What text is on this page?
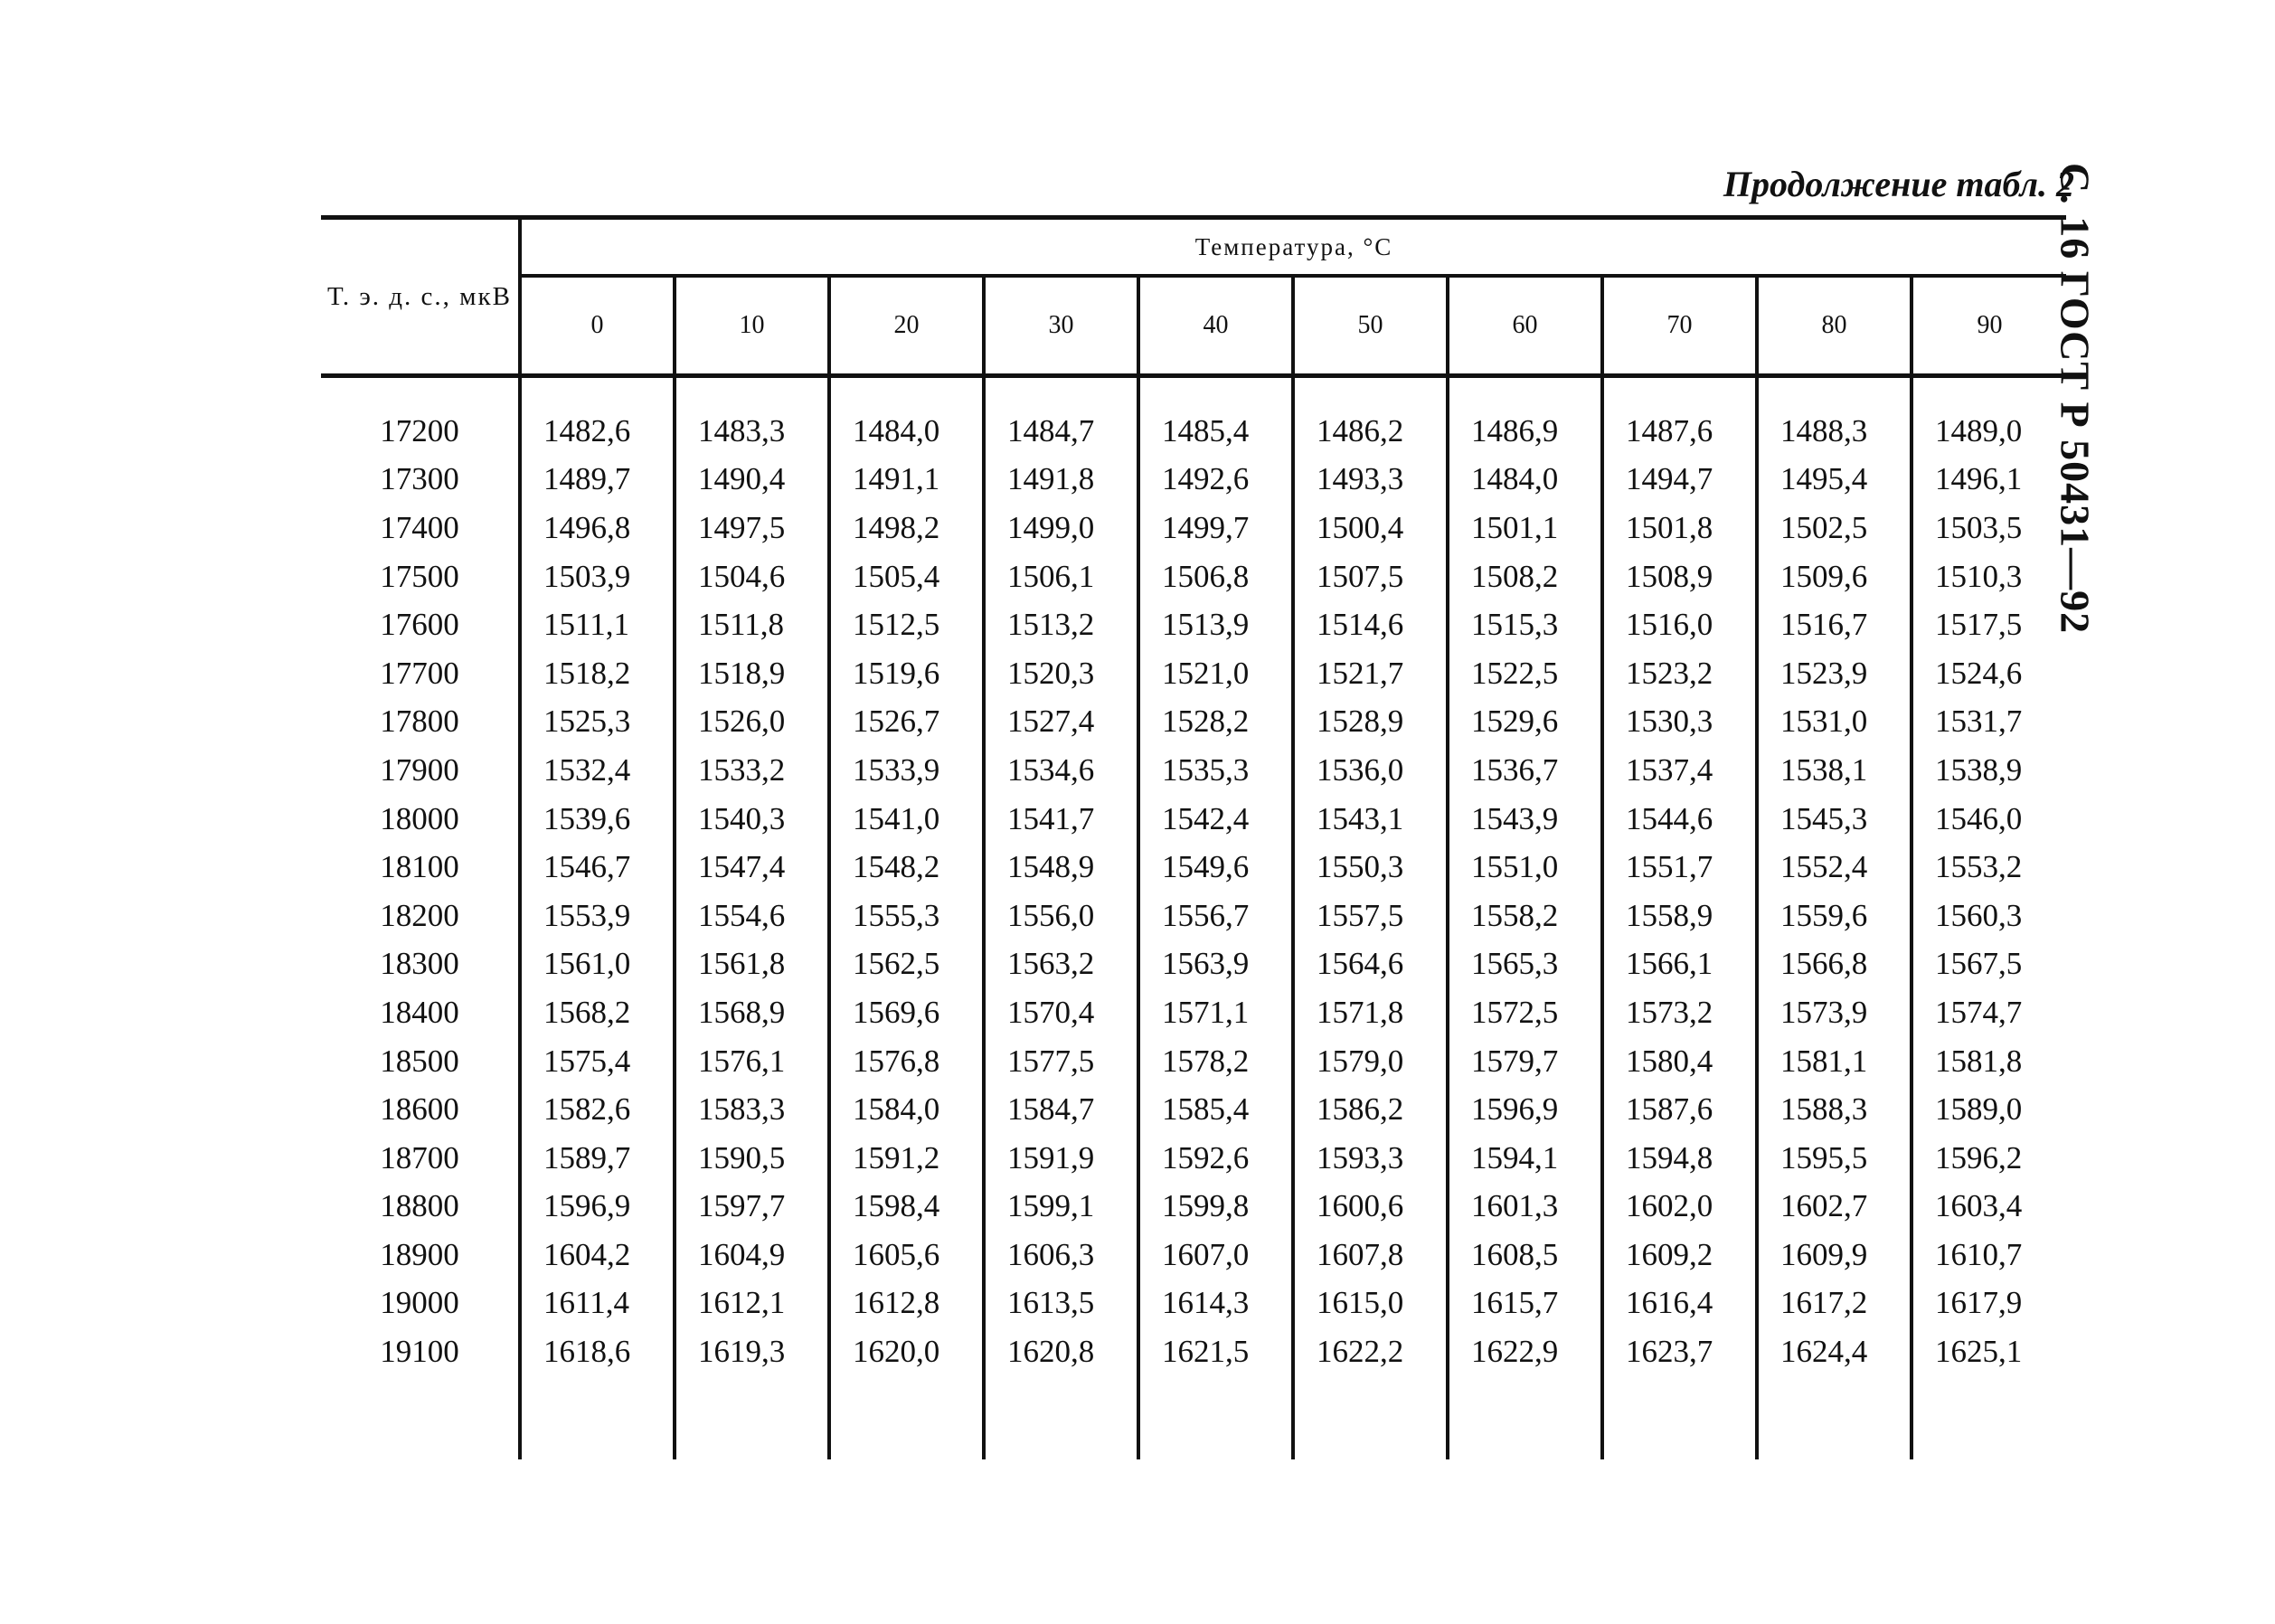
С. 16 ГОСТ Р 50431—92
Продолжение табл. 2
Т. э. д. с., мкВ	Температура, °С									
	0	10	20	30	40	50	60	70	80	90

17200	1482,6	1483,3	1484,0	1484,7	1485,4	1486,2	1486,9	1487,6	1488,3	1489,0
17300	1489,7	1490,4	1491,1	1491,8	1492,6	1493,3	1484,0	1494,7	1495,4	1496,1
17400	1496,8	1497,5	1498,2	1499,0	1499,7	1500,4	1501,1	1501,8	1502,5	1503,5
17500	1503,9	1504,6	1505,4	1506,1	1506,8	1507,5	1508,2	1508,9	1509,6	1510,3
17600	1511,1	1511,8	1512,5	1513,2	1513,9	1514,6	1515,3	1516,0	1516,7	1517,5
17700	1518,2	1518,9	1519,6	1520,3	1521,0	1521,7	1522,5	1523,2	1523,9	1524,6
17800	1525,3	1526,0	1526,7	1527,4	1528,2	1528,9	1529,6	1530,3	1531,0	1531,7
17900	1532,4	1533,2	1533,9	1534,6	1535,3	1536,0	1536,7	1537,4	1538,1	1538,9
18000	1539,6	1540,3	1541,0	1541,7	1542,4	1543,1	1543,9	1544,6	1545,3	1546,0
18100	1546,7	1547,4	1548,2	1548,9	1549,6	1550,3	1551,0	1551,7	1552,4	1553,2
18200	1553,9	1554,6	1555,3	1556,0	1556,7	1557,5	1558,2	1558,9	1559,6	1560,3
18300	1561,0	1561,8	1562,5	1563,2	1563,9	1564,6	1565,3	1566,1	1566,8	1567,5
18400	1568,2	1568,9	1569,6	1570,4	1571,1	1571,8	1572,5	1573,2	1573,9	1574,7
18500	1575,4	1576,1	1576,8	1577,5	1578,2	1579,0	1579,7	1580,4	1581,1	1581,8
18600	1582,6	1583,3	1584,0	1584,7	1585,4	1586,2	1596,9	1587,6	1588,3	1589,0
18700	1589,7	1590,5	1591,2	1591,9	1592,6	1593,3	1594,1	1594,8	1595,5	1596,2
18800	1596,9	1597,7	1598,4	1599,1	1599,8	1600,6	1601,3	1602,0	1602,7	1603,4
18900	1604,2	1604,9	1605,6	1606,3	1607,0	1607,8	1608,5	1609,2	1609,9	1610,7
19000	1611,4	1612,1	1612,8	1613,5	1614,3	1615,0	1615,7	1616,4	1617,2	1617,9
19100	1618,6	1619,3	1620,0	1620,8	1621,5	1622,2	1622,9	1623,7	1624,4	1625,1
